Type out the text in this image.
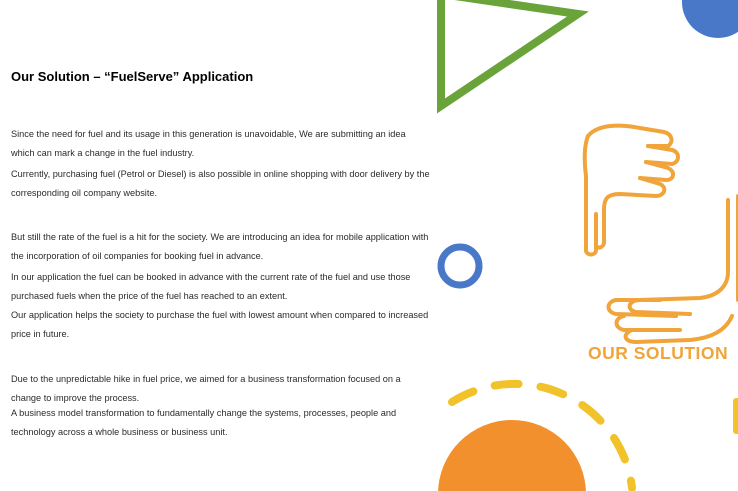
Our Solution – “FuelServe” Application
Since the need for fuel and its usage in this generation is unavoidable, We are submitting an idea which can mark a change in the fuel industry.
Currently, purchasing fuel (Petrol or Diesel) is also possible in online shopping with door delivery by the corresponding oil company website.
But still the rate of the fuel is a hit for the society. We are introducing an idea for mobile application with the incorporation of oil companies for booking fuel in advance.
In our application the fuel can be booked in advance with the current rate of the fuel and use those purchased fuels when the price of the fuel has reached to an extent.
Our application helps the society to purchase the fuel with lowest amount when compared to increased price in future.
Due to the unpredictable hike in fuel price, we aimed for a business transformation focused on a change to improve the process.
A business model transformation to fundamentally change the systems, processes, people and technology across a whole business or business unit.
OUR SOLUTION
